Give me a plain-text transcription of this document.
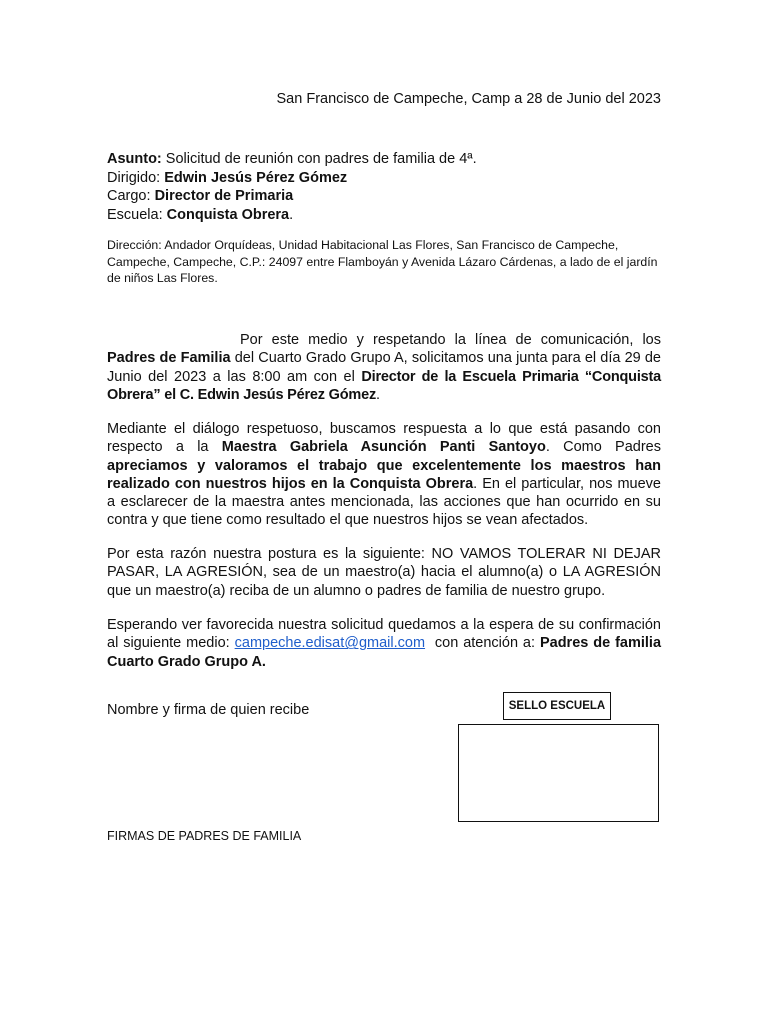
San Francisco de Campeche, Camp a 28 de Junio del 2023
Asunto: Solicitud de reunión con padres de familia de 4ª.
Dirigido: Edwin Jesús Pérez Gómez
Cargo: Director de Primaria
Escuela: Conquista Obrera.
Dirección: Andador Orquídeas, Unidad Habitacional Las Flores, San Francisco de Campeche, Campeche, Campeche, C.P.: 24097 entre Flamboyán y Avenida Lázaro Cárdenas, a lado de el jardín de niños Las Flores.
Por este medio y respetando la línea de comunicación, los Padres de Familia del Cuarto Grado Grupo A, solicitamos una junta para el día 29 de Junio del 2023 a las 8:00 am con el Director de la Escuela Primaria “Conquista Obrera” el C. Edwin Jesús Pérez Gómez.
Mediante el diálogo respetuoso, buscamos respuesta a lo que está pasando con respecto a la Maestra Gabriela Asunción Panti Santoyo. Como Padres apreciamos y valoramos el trabajo que excelentemente los maestros han realizado con nuestros hijos en la Conquista Obrera. En el particular, nos mueve a esclarecer de la maestra antes mencionada, las acciones que han ocurrido en su contra y que tiene como resultado el que nuestros hijos se vean afectados.
Por esta razón nuestra postura es la siguiente: NO VAMOS TOLERAR NI DEJAR PASAR, LA AGRESIÓN, sea de un maestro(a) hacia el alumno(a) o LA AGRESIÓN que un maestro(a) reciba de un alumno o padres de familia de nuestro grupo.
Esperando ver favorecida nuestra solicitud quedamos a la espera de su confirmación al siguiente medio: campeche.edisat@gmail.com  con atención a: Padres de familia Cuarto Grado Grupo A.
Nombre y firma de quien recibe	SELLO ESCUELA
FIRMAS DE PADRES DE FAMILIA
